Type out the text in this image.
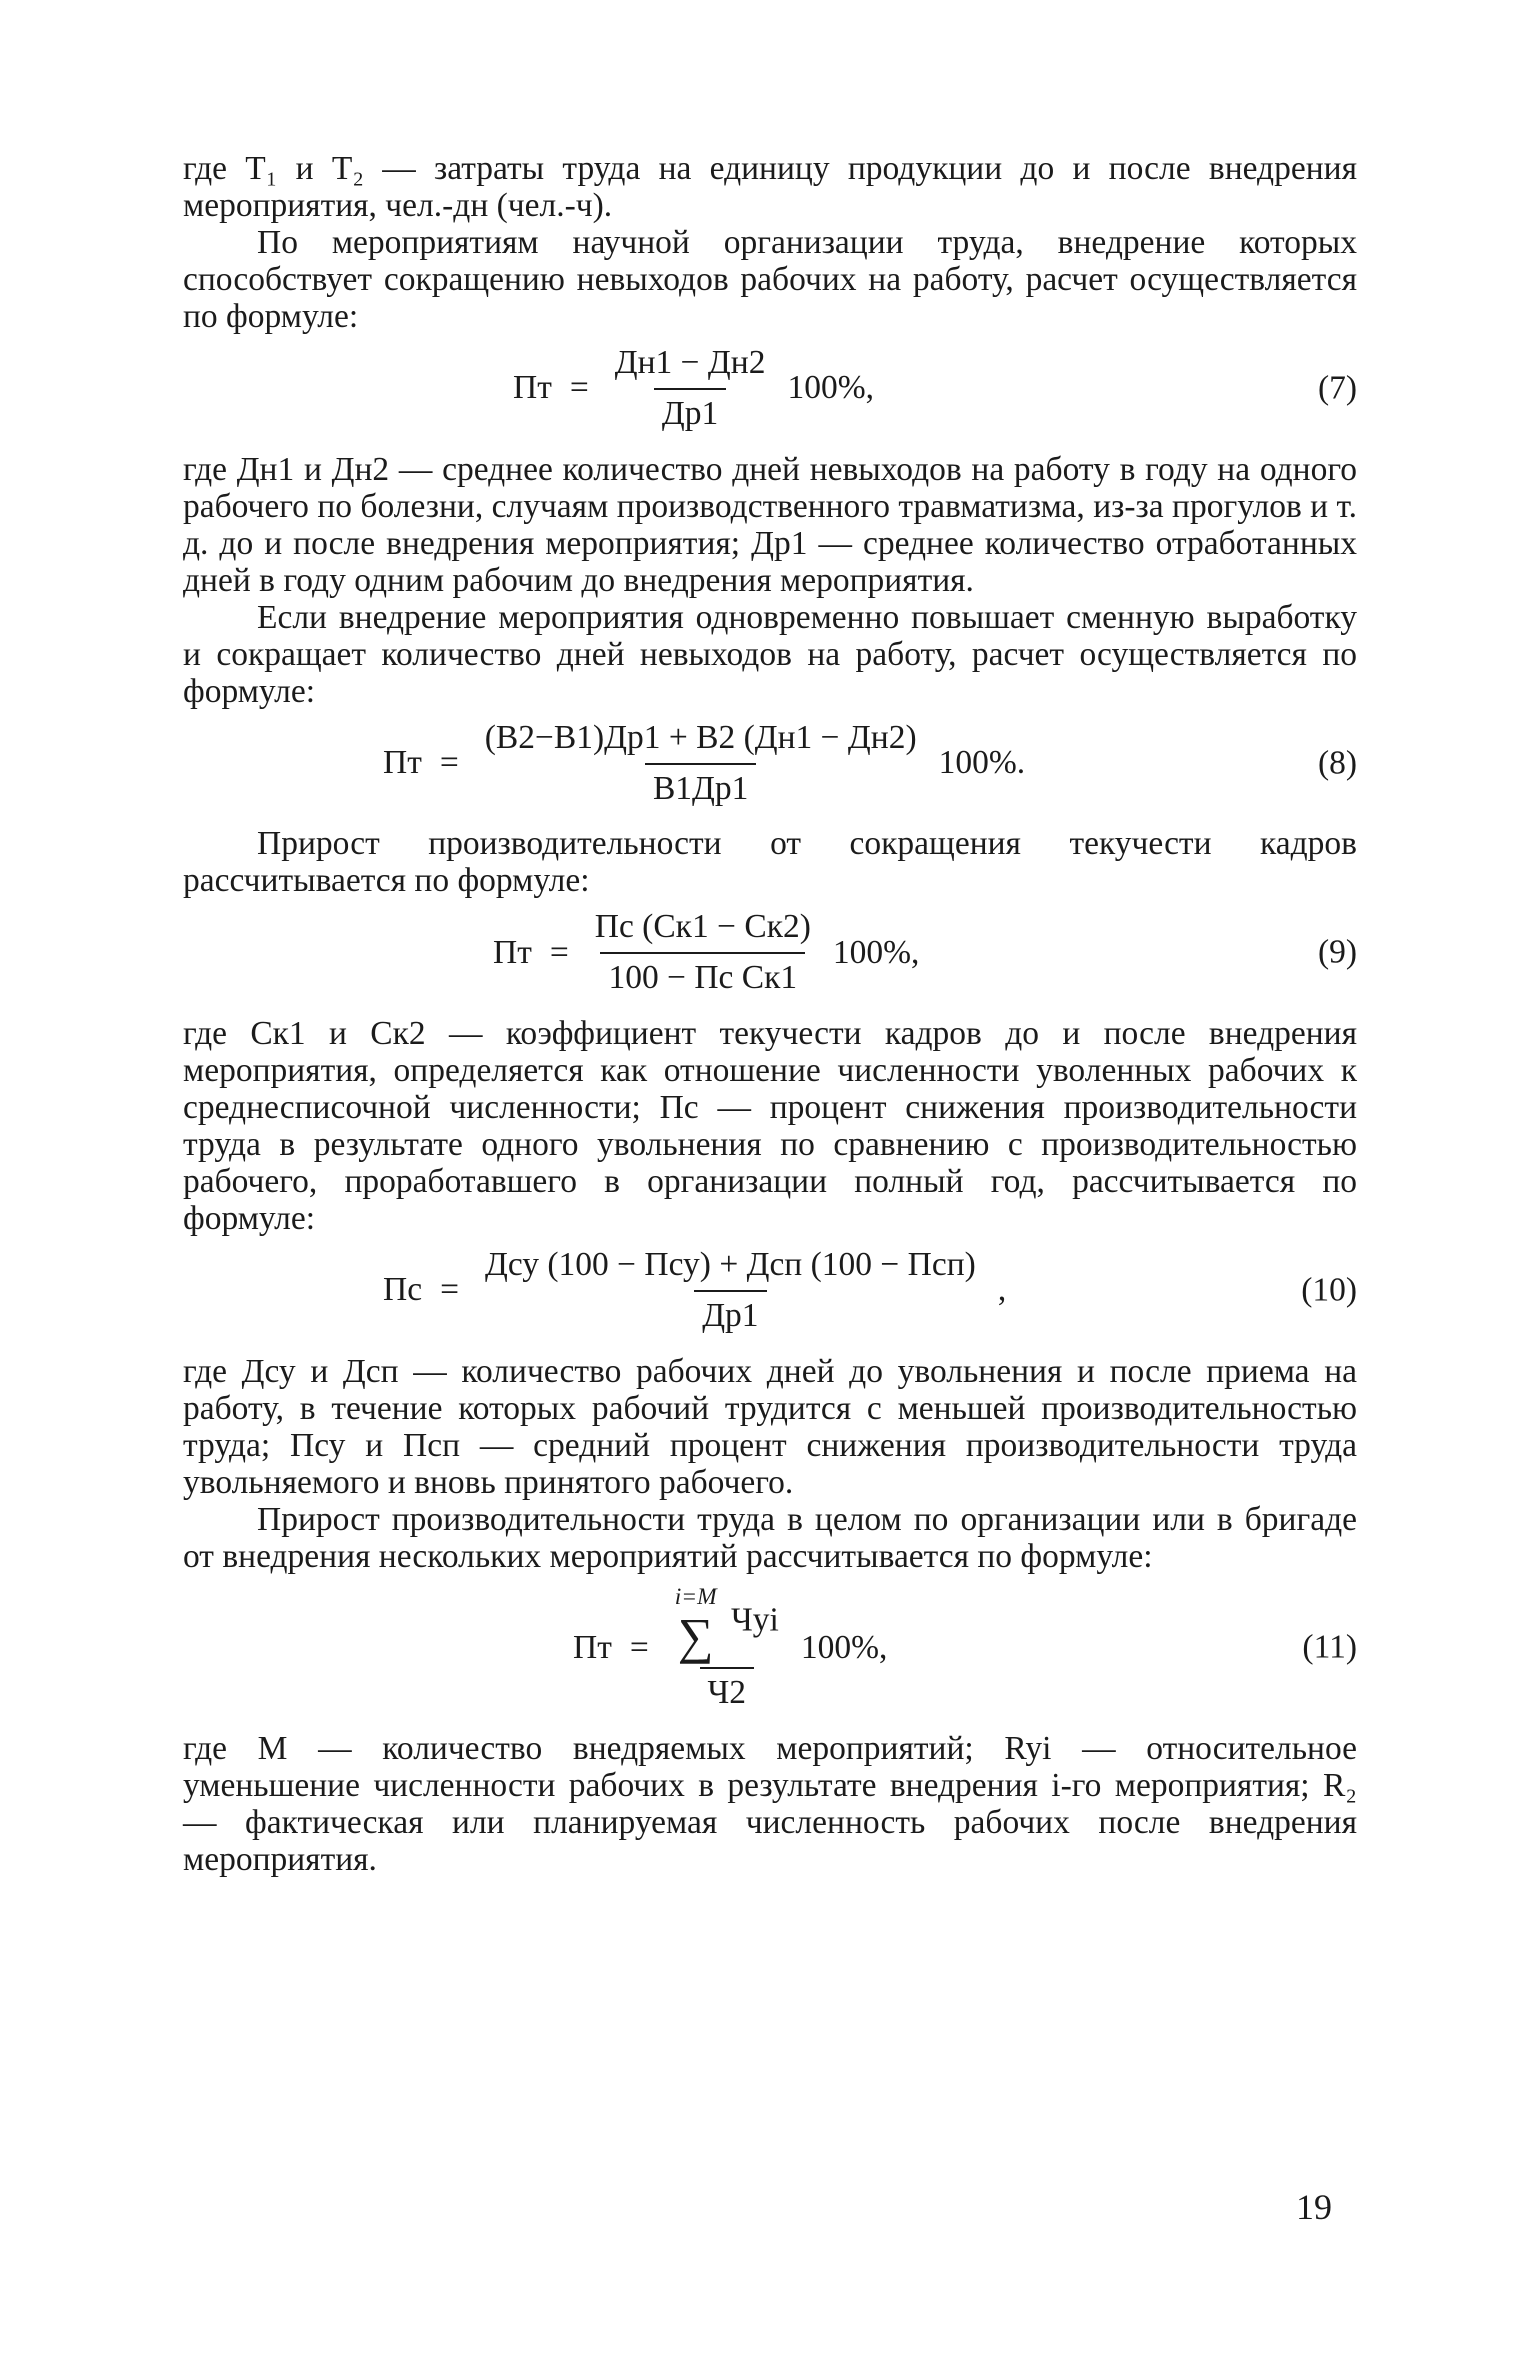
где T₁ и T₂ — затраты труда на единицу продукции до и после внедрения мероприятия, чел.-дн (чел.-ч).

По мероприятиям научной организации труда, внедрение которых способствует сокращению невыходов рабочих на работу, расчет осуществляется по формуле:

Пт = $\frac{Дн1 - Дн2}{Др1} 100\%$,	(7)

где Дн1 и Дн2 — среднее количество дней невыходов на работу в году на одного рабочего по болезни, случаям производственного травматизма, из-за прогулов и т. д. до и после внедрения мероприятия; Др1 — среднее количество отработанных дней в году одним рабочим до внедрения мероприятия.

Если внедрение мероприятия одновременно повышает сменную выработку и сокращает количество дней невыходов на работу, расчет осуществляется по формуле:

Пт = $\frac{(В2-В1)Др1 + В2 (Дн1 - Дн2)}{В1Др1} 100\%$.	(8)

Прирост производительности от сокращения текучести кадров рассчитывается по формуле:

Пт = $\frac{Пс (Ск1 - Ск2)}{\text{100 − Пс Ск1}} 100\%$,	(9)

где Ск1 и Ск2 — коэффициент текучести кадров до и после внедрения мероприятия, определяется как отношение численности уволенных рабочих к среднесписочной численности; Пс — процент снижения производительности труда в результате одного увольнения по сравнению с производительностью рабочего, проработавшего в организации полный год, рассчитывается по формуле:

Пс = $\frac{\text{Дсу (100 − Псу) + Дсп (100 − Псп)}}{Др1}$ ,	(10)

где Дсу и Дсп — количество рабочих дней до увольнения и после приема на работу, в течение которых рабочий трудится с меньшей производительностью труда; Псу и Псп — средний процент снижения производительности труда увольняемого и вновь принятого рабочего.

Прирост производительности труда в целом по организации или в бригаде от внедрения нескольких мероприятий рассчитывается по формуле:

Пт = i=M
∑ Чyi
Ч2 100%,	(11)

где M — количество внедряемых мероприятий; Ryi — относительное уменьшение численности рабочих в результате внедрения i-го мероприятия; R₂ — фактическая или планируемая численность рабочих после внедрения мероприятия.

19
